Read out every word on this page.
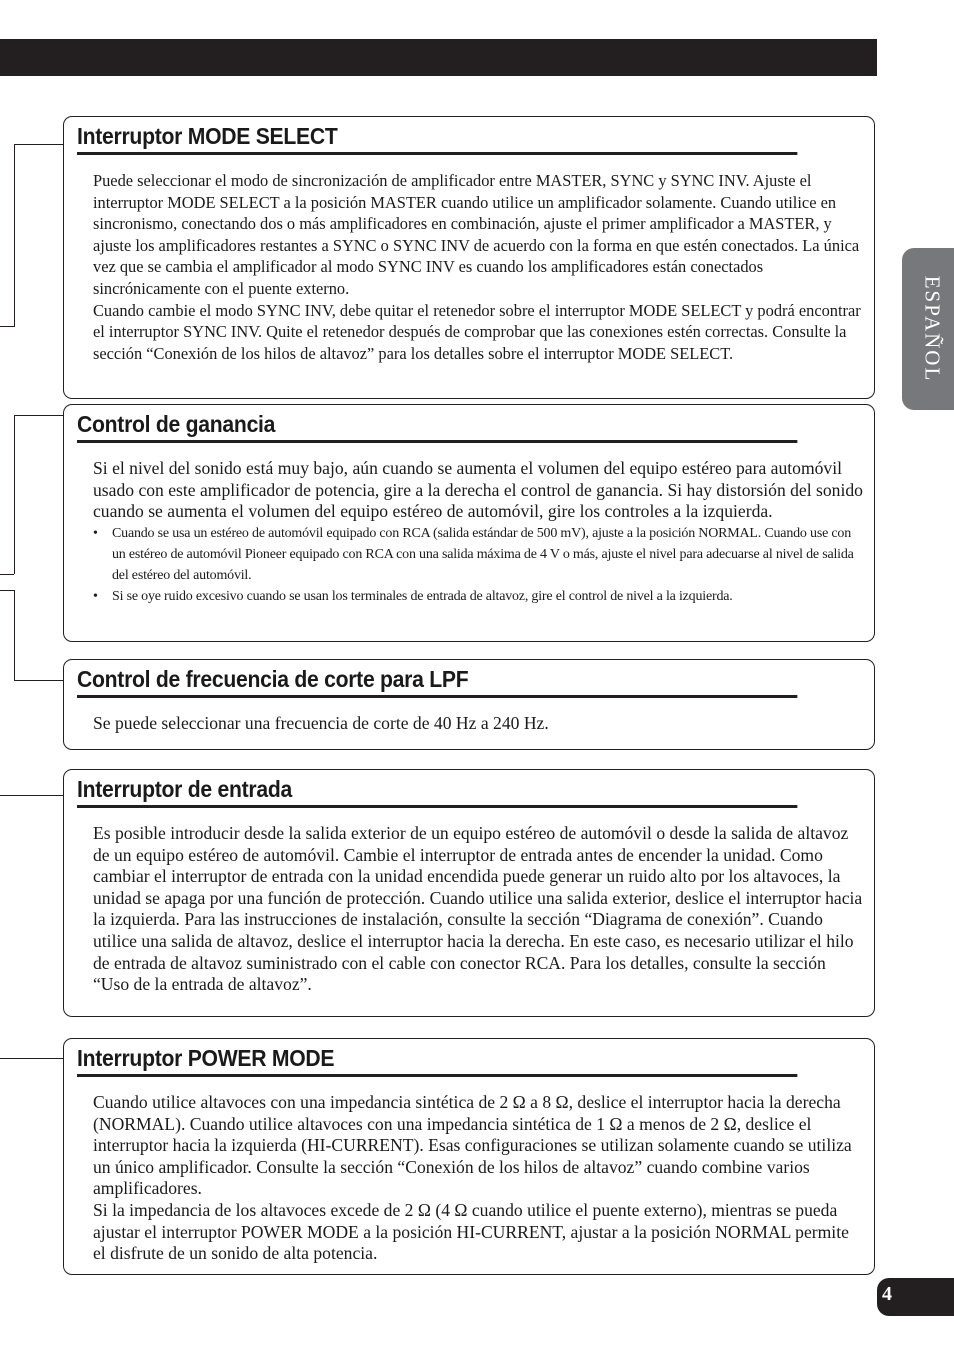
Interruptor MODE SELECT

Puede seleccionar el modo de sincronización de amplificador entre MASTER, SYNC y SYNC INV. Ajuste el interruptor MODE SELECT a la posición MASTER cuando utilice un amplificador solamente. Cuando utilice en sincronismo, conectando dos o más amplificadores en combinación, ajuste el primer amplificador a MASTER, y ajuste los amplificadores restantes a SYNC o SYNC INV de acuerdo con la forma en que estén conectados. La única vez que se cambia el amplificador al modo SYNC INV es cuando los amplificadores están conectados sincrónicamente con el puente externo.

Cuando cambie el modo SYNC INV, debe quitar el retenedor sobre el interruptor MODE SELECT y podrá encontrar el interruptor SYNC INV. Quite el retenedor después de comprobar que las conexiones estén correctas. Consulte la sección “Conexión de los hilos de altavoz” para los detalles sobre el interruptor MODE SELECT.

Control de ganancia

Si el nivel del sonido está muy bajo, aún cuando se aumenta el volumen del equipo estéreo para automóvil usado con este amplificador de potencia, gire a la derecha el control de ganancia. Si hay distorsión del sonido cuando se aumenta el volumen del equipo estéreo de automóvil, gire los controles a la izquierda.

• Cuando se usa un estéreo de automóvil equipado con RCA (salida estándar de 500 mV), ajuste a la posición NORMAL. Cuando use con un estéreo de automóvil Pioneer equipado con RCA con una salida máxima de 4 V o más, ajuste el nivel para adecuarse al nivel de salida del estéreo del automóvil.
• Si se oye ruido excesivo cuando se usan los terminales de entrada de altavoz, gire el control de nivel a la izquierda.
Control de frecuencia de corte para LPF

Se puede seleccionar una frecuencia de corte de 40 Hz a 240 Hz.

Interruptor de entrada

Es posible introducir desde la salida exterior de un equipo estéreo de automóvil o desde la salida de altavoz de un equipo estéreo de automóvil. Cambie el interruptor de entrada antes de encender la unidad. Como cambiar el interruptor de entrada con la unidad encendida puede generar un ruido alto por los altavoces, la unidad se apaga por una función de protección. Cuando utilice una salida exterior, deslice el interruptor hacia la izquierda. Para las instrucciones de instalación, consulte la sección “Diagrama de conexión”. Cuando utilice una salida de altavoz, deslice el interruptor hacia la derecha. En este caso, es necesario utilizar el hilo de entrada de altavoz suministrado con el cable con conector RCA. Para los detalles, consulte la sección “Uso de la entrada de altavoz”.

Interruptor POWER MODE

Cuando utilice altavoces con una impedancia sintética de 2 Ω a 8 Ω, deslice el interruptor hacia la derecha (NORMAL). Cuando utilice altavoces con una impedancia sintética de 1 Ω a menos de 2 Ω, deslice el interruptor hacia la izquierda (HI-CURRENT). Esas configuraciones se utilizan solamente cuando se utiliza un único amplificador. Consulte la sección “Conexión de los hilos de altavoz” cuando combine varios amplificadores.

Si la impedancia de los altavoces excede de 2 Ω (4 Ω cuando utilice el puente externo), mientras se pueda ajustar el interruptor POWER MODE a la posición HI-CURRENT, ajustar a la posición NORMAL permite el disfrute de un sonido de alta potencia.

ESPAÑOL
4
